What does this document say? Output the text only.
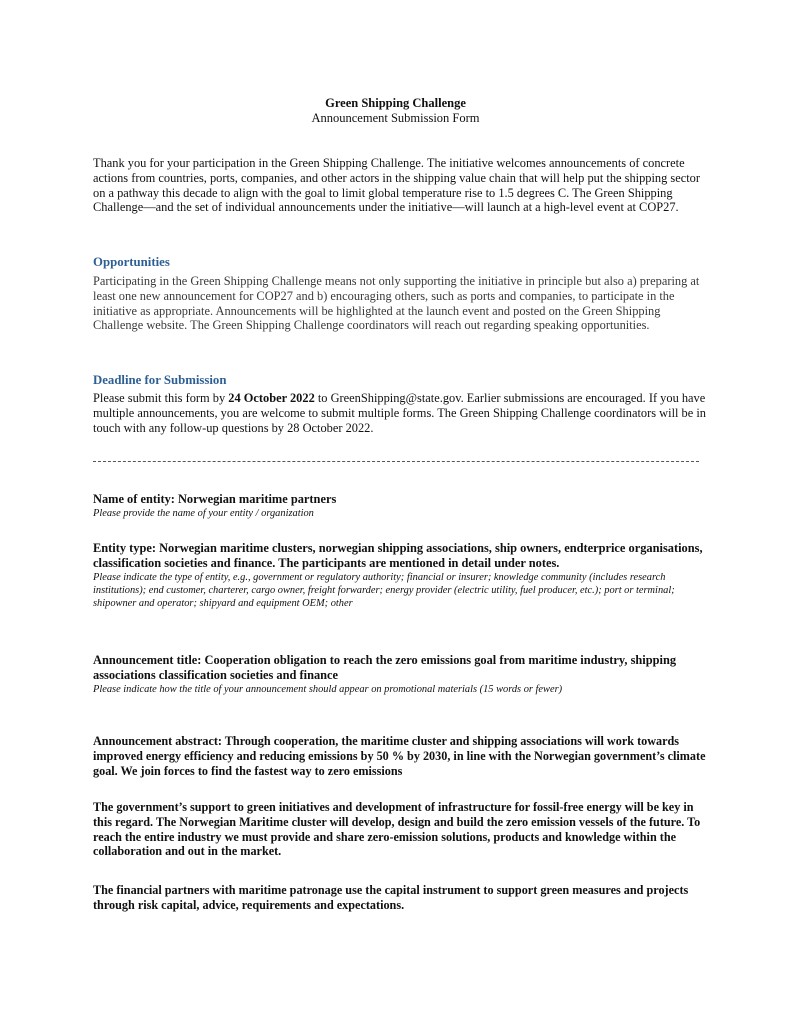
Green Shipping Challenge
Announcement Submission Form
Thank you for your participation in the Green Shipping Challenge. The initiative welcomes announcements of concrete actions from countries, ports, companies, and other actors in the shipping value chain that will help put the shipping sector on a pathway this decade to align with the goal to limit global temperature rise to 1.5 degrees C. The Green Shipping Challenge—and the set of individual announcements under the initiative—will launch at a high-level event at COP27.
Opportunities
Participating in the Green Shipping Challenge means not only supporting the initiative in principle but also a) preparing at least one new announcement for COP27 and b) encouraging others, such as ports and companies, to participate in the initiative as appropriate. Announcements will be highlighted at the launch event and posted on the Green Shipping Challenge website. The Green Shipping Challenge coordinators will reach out regarding speaking opportunities.
Deadline for Submission
Please submit this form by 24 October 2022 to GreenShipping@state.gov. Earlier submissions are encouraged. If you have multiple announcements, you are welcome to submit multiple forms. The Green Shipping Challenge coordinators will be in touch with any follow-up questions by 28 October 2022.
Name of entity: Norwegian maritime partners
Please provide the name of your entity / organization
Entity type: Norwegian maritime clusters, norwegian shipping associations, ship owners, endterprice organisations, classification societies and finance. The participants are mentioned in detail under notes.
Please indicate the type of entity, e.g., government or regulatory authority; financial or insurer; knowledge community (includes research institutions); end customer, charterer, cargo owner, freight forwarder; energy provider (electric utility, fuel producer, etc.); port or terminal; shipowner and operator; shipyard and equipment OEM; other
Announcement title: Cooperation obligation to reach the zero emissions goal from maritime industry, shipping associations classification societies and finance
Please indicate how the title of your announcement should appear on promotional materials (15 words or fewer)
Announcement abstract: Through cooperation, the maritime cluster and shipping associations will work towards improved energy efficiency and reducing emissions by 50 % by 2030, in line with the Norwegian government’s climate goal. We join forces to find the fastest way to zero emissions
The government’s support to green initiatives and development of infrastructure for fossil-free energy will be key in this regard. The Norwegian Maritime cluster will develop, design and build the zero emission vessels of the future. To reach the entire industry we must provide and share zero-emission solutions, products and knowledge within the collaboration and out in the market.
The financial partners with maritime patronage use the capital instrument to support green measures and projects through risk capital, advice, requirements and expectations.
